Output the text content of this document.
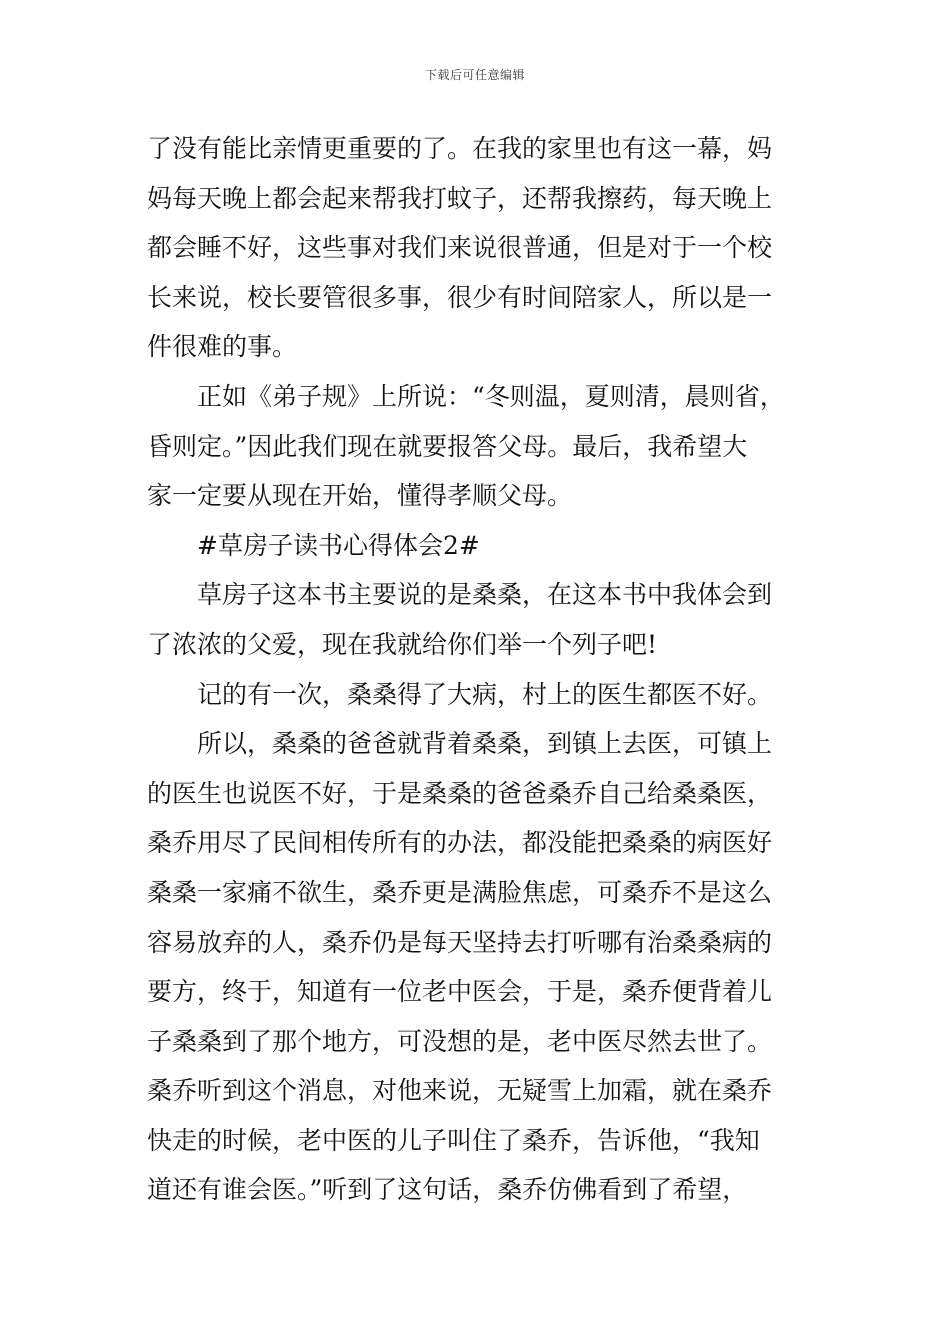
下载后可任意编辑
了没有能比亲情更重要的了。在我的家里也有这一幕，妈
妈每天晚上都会起来帮我打蚊子，还帮我擦药，每天晚上
都会睡不好，这些事对我们来说很普通，但是对于一个校
长来说，校长要管很多事，很少有时间陪家人，所以是一
件很难的事。
正如《弟子规》上所说：“冬则温，夏则清，晨则省，
昏则定。”因此我们现在就要报答父母。最后，我希望大
家一定要从现在开始，懂得孝顺父母。
#草房子读书心得体会2#
草房子这本书主要说的是桑桑，在这本书中我体会到
了浓浓的父爱，现在我就给你们举一个列子吧!
记的有一次，桑桑得了大病，村上的医生都医不好。
所以，桑桑的爸爸就背着桑桑，到镇上去医，可镇上
的医生也说医不好，于是桑桑的爸爸桑乔自己给桑桑医，
桑乔用尽了民间相传所有的办法，都没能把桑桑的病医好
桑桑一家痛不欲生，桑乔更是满脸焦虑，可桑乔不是这么
容易放弃的人，桑乔仍是每天坚持去打听哪有治桑桑病的
要方，终于，知道有一位老中医会，于是，桑乔便背着儿
子桑桑到了那个地方，可没想的是，老中医尽然去世了。
桑乔听到这个消息，对他来说，无疑雪上加霜，就在桑乔
快走的时候，老中医的儿子叫住了桑乔，告诉他，“我知
道还有谁会医。”听到了这句话，桑乔仿佛看到了希望，
